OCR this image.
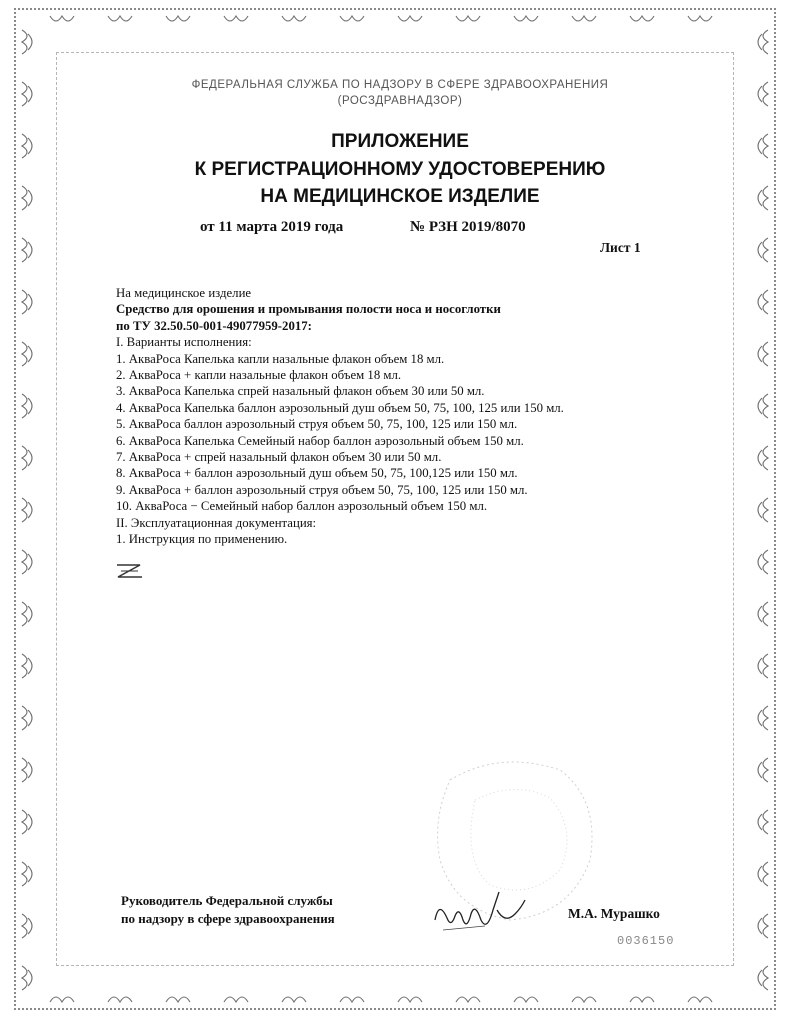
ФЕДЕРАЛЬНАЯ СЛУЖБА ПО НАДЗОРУ В СФЕРЕ ЗДРАВООХРАНЕНИЯ
(РОСЗДРАВНАДЗОР)
ПРИЛОЖЕНИЕ
К РЕГИСТРАЦИОННОМУ УДОСТОВЕРЕНИЮ
НА МЕДИЦИНСКОЕ ИЗДЕЛИЕ
от 11 марта 2019 года	№ РЗН 2019/8070
Лист 1
На медицинское изделие
Средство для орошения и промывания полости носа и носоглотки
по ТУ 32.50.50-001-49077959-2017:
I. Варианты исполнения:
1. АкваРоса Капелька капли назальные флакон объем 18 мл.
2. АкваРоса + капли назальные флакон объем 18 мл.
3. АкваРоса Капелька спрей назальный флакон объем 30 или 50 мл.
4. АкваРоса Капелька баллон аэрозольный душ объем 50, 75, 100, 125 или 150 мл.
5. АкваРоса баллон аэрозольный струя объем 50, 75, 100, 125 или 150 мл.
6. АкваРоса Капелька Семейный набор баллон аэрозольный объем 150 мл.
7. АкваРоса + спрей назальный флакон объем 30 или 50 мл.
8. АкваРоса + баллон аэрозольный душ объем 50, 75, 100,125 или 150 мл.
9. АкваРоса + баллон аэрозольный струя объем 50, 75, 100, 125 или 150 мл.
10. АкваРоса − Семейный набор баллон аэрозольный объем 150 мл.
II. Эксплуатационная документация:
1. Инструкция по применению.
Руководитель Федеральной службы
по надзору в сфере здравоохранения	М.А. Мурашко
0036150
